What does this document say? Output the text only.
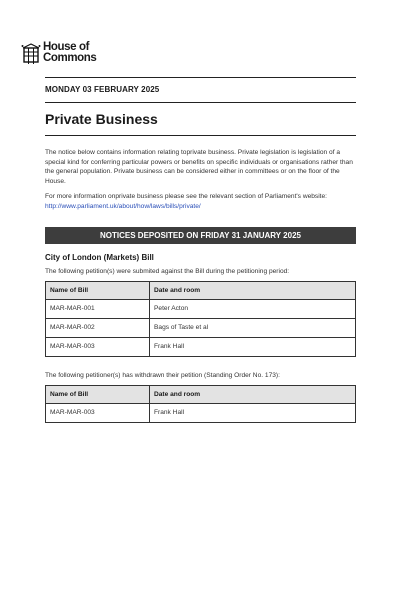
House of
Commons
MONDAY 03 FEBRUARY 2025
Private Business

The notice below contains information relating toprivate business. Private legislation is legislation of a special kind for conferring particular powers or benefits on specific individuals or organisations rather than the general population. Private business can be considered either in committees or on the floor of the House.

For more information onprivate business please see the relevant section of Parliament's website: http://www.parliament.uk/about/how/laws/bills/private/

NOTICES DEPOSITED ON FRIDAY 31 JANUARY 2025
City of London (Markets) Bill
The following petition(s) were submited against the Bill during the petitioning period:
Name of Bill	Date and room
MAR-MAR-001	Peter Acton
MAR-MAR-002	Bags of Taste et al
MAR-MAR-003	Frank Hall
The following petitioner(s) has withdrawn their petition (Standing Order No. 173):
Name of Bill	Date and room
MAR-MAR-003	Frank Hall
